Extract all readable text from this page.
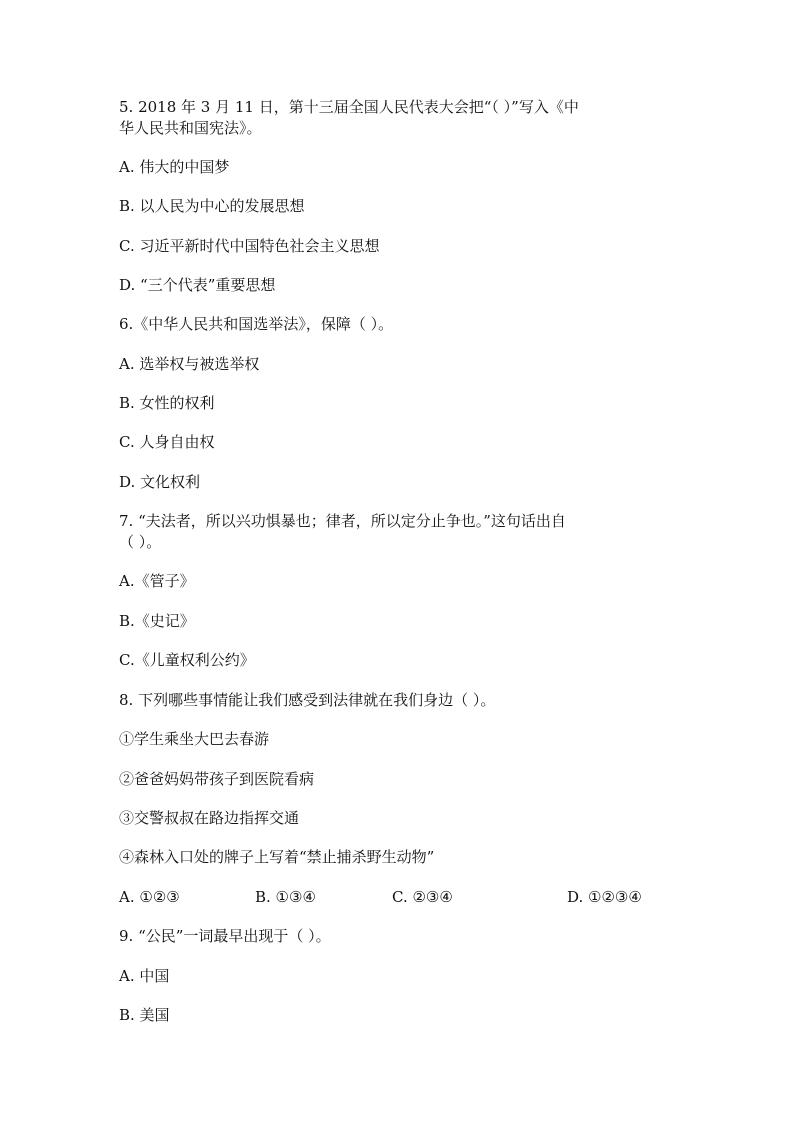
5. 2018 年 3 月 11 日，第十三届全国人民代表大会把“（ ）”写入《中
华人民共和国宪法》。
A. 伟大的中国梦
B. 以人民为中心的发展思想
C. 习近平新时代中国特色社会主义思想
D. “三个代表”重要思想
6.《中华人民共和国选举法》，保障（ ）。
A. 选举权与被选举权
B. 女性的权利
C. 人身自由权
D. 文化权利
7. “夫法者，所以兴功惧暴也；律者，所以定分止争也。”这句话出自
（ ）。
A.《管子》
B.《史记》
C.《儿童权利公约》
8. 下列哪些事情能让我们感受到法律就在我们身边（ ）。
①学生乘坐大巴去春游
②爸爸妈妈带孩子到医院看病
③交警叔叔在路边指挥交通
④森林入口处的牌子上写着“禁止捕杀野生动物”
A. ①②③	B. ①③④	C. ②③④	D. ①②③④
9. “公民”一词最早出现于（ ）。
A. 中国
B. 美国
